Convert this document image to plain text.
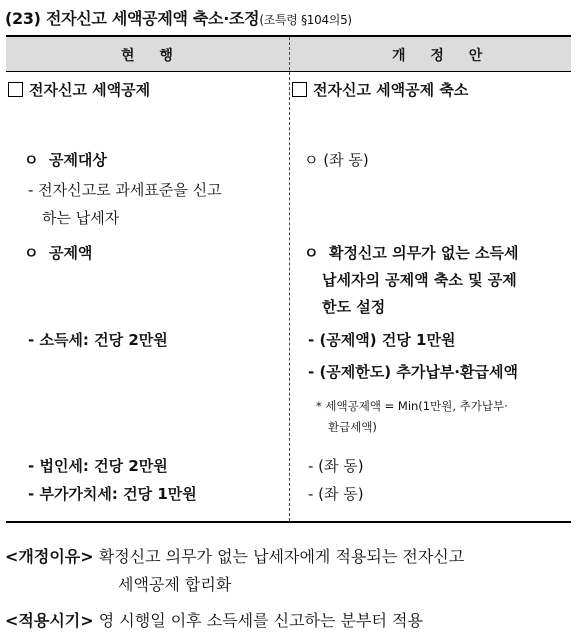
(23) 전자신고 세액공제액 축소·조정(조특령 §104의5)
현 행	개 정 안
전자신고 세액공제
ㅇ 공제대상
- 전자신고로 과세표준을 신고
하는 납세자
ㅇ 공제액
- 소득세: 건당 2만원
- 법인세: 건당 2만원
- 부가가치세: 건당 1만원
전자신고 세액공제 축소
ㅇ (좌 동)
ㅇ 확정신고 의무가 없는 소득세
납세자의 공제액 축소 및 공제
한도 설정
- (공제액) 건당 1만원
- (공제한도) 추가납부·환급세액
* 세액공제액 = Min(1만원, 추가납부·
환급세액)
- (좌 동)
- (좌 동)
<개정이유> 확정신고 의무가 없는 납세자에게 적용되는 전자신고
세액공제 합리화
<적용시기> 영 시행일 이후 소득세를 신고하는 분부터 적용
